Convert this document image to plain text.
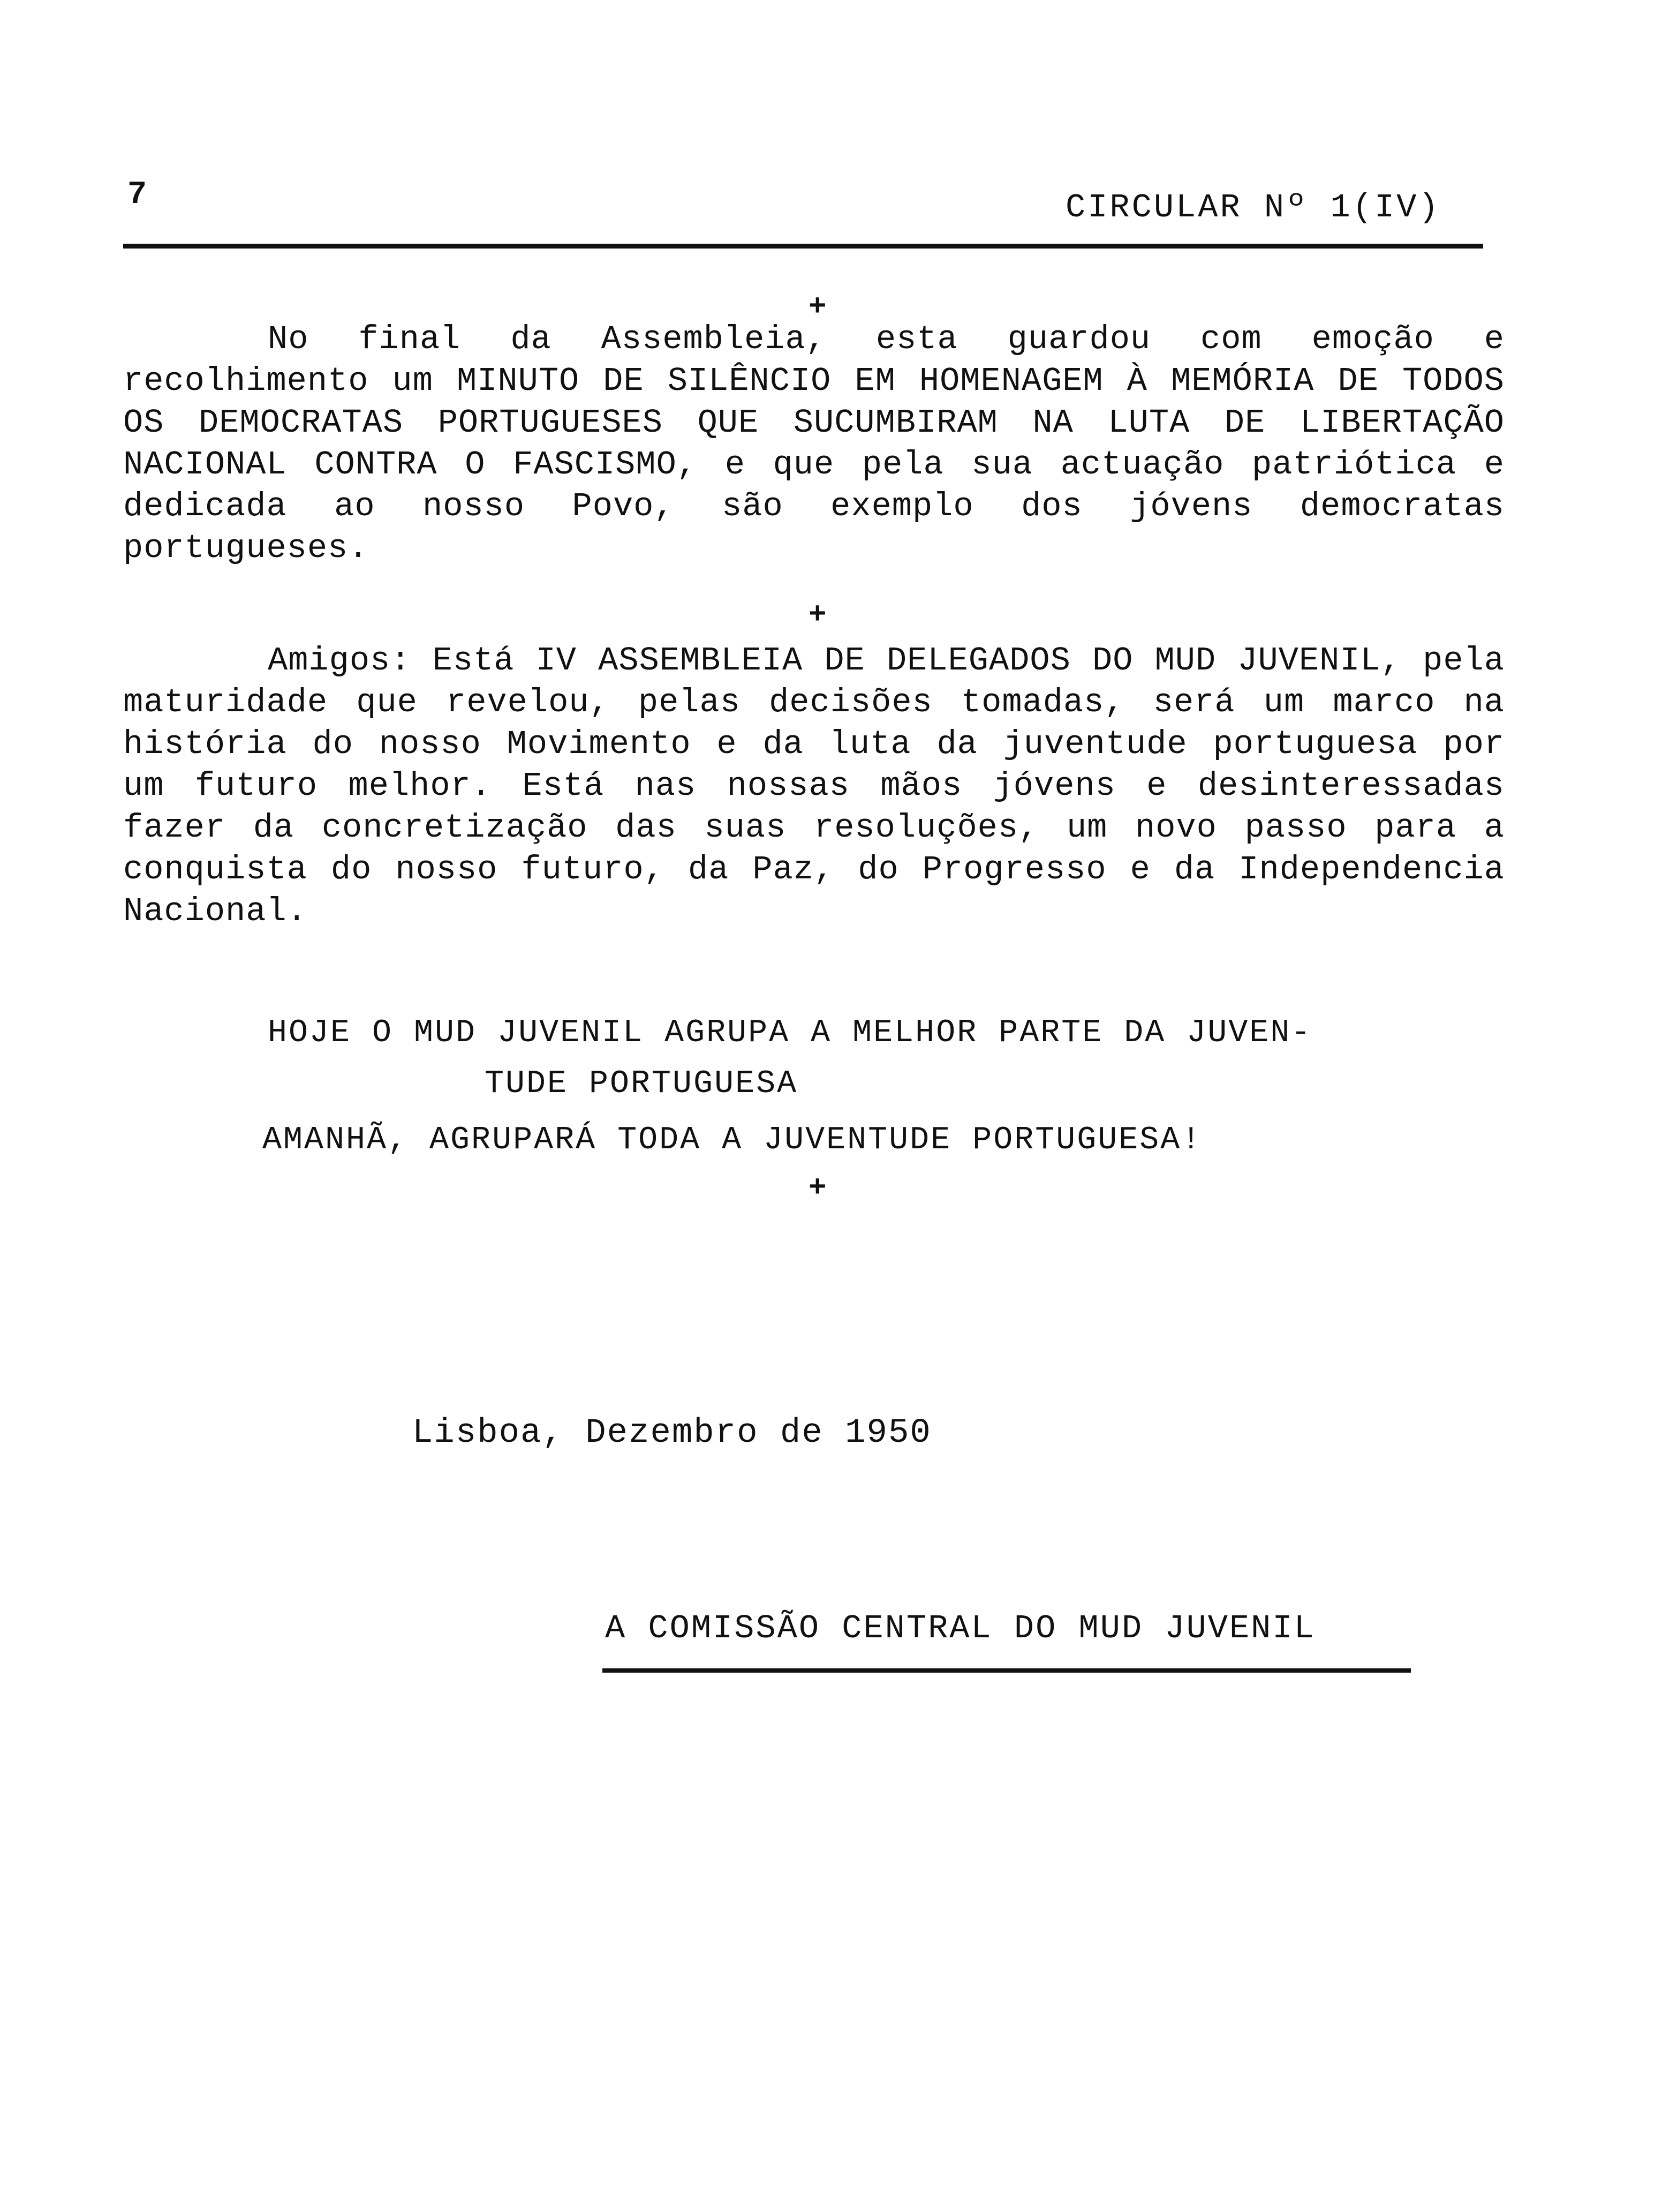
7	CIRCULAR Nº 1(IV)
+

No final da Assembleia, esta guardou com emoção e recolhimento um MINUTO DE SILÊNCIO EM HOMENAGEM À MEMÓRIA DE TODOS OS DEMOCRATAS PORTUGUESES QUE SUCUMBIRAM NA LUTA DE LIBERTAÇÃO NACIONAL CONTRA O FASCISMO, e que pela sua actuação patriótica e dedicada ao nosso Povo, são exemplo dos jóvens democratas portugueses.

+

Amigos: Está IV ASSEMBLEIA DE DELEGADOS DO MUD JUVENIL, pela maturidade que revelou, pelas decisões tomadas, será um marco na história do nosso Movimento e da luta da juventude portuguesa por um futuro melhor. Está nas nossas mãos jóvens e desinteressadas fazer da concretização das suas resoluções, um novo passo para a conquista do nosso futuro, da Paz, do Progresso e da Independencia Nacional.

HOJE O MUD JUVENIL AGRUPA A MELHOR PARTE DA JUVEN-
TUDE PORTUGUESA
AMANHÃ, AGRUPARÁ TODA A JUVENTUDE PORTUGUESA!
+
Lisboa, Dezembro de 1950
A COMISSÃO CENTRAL DO MUD JUVENIL
